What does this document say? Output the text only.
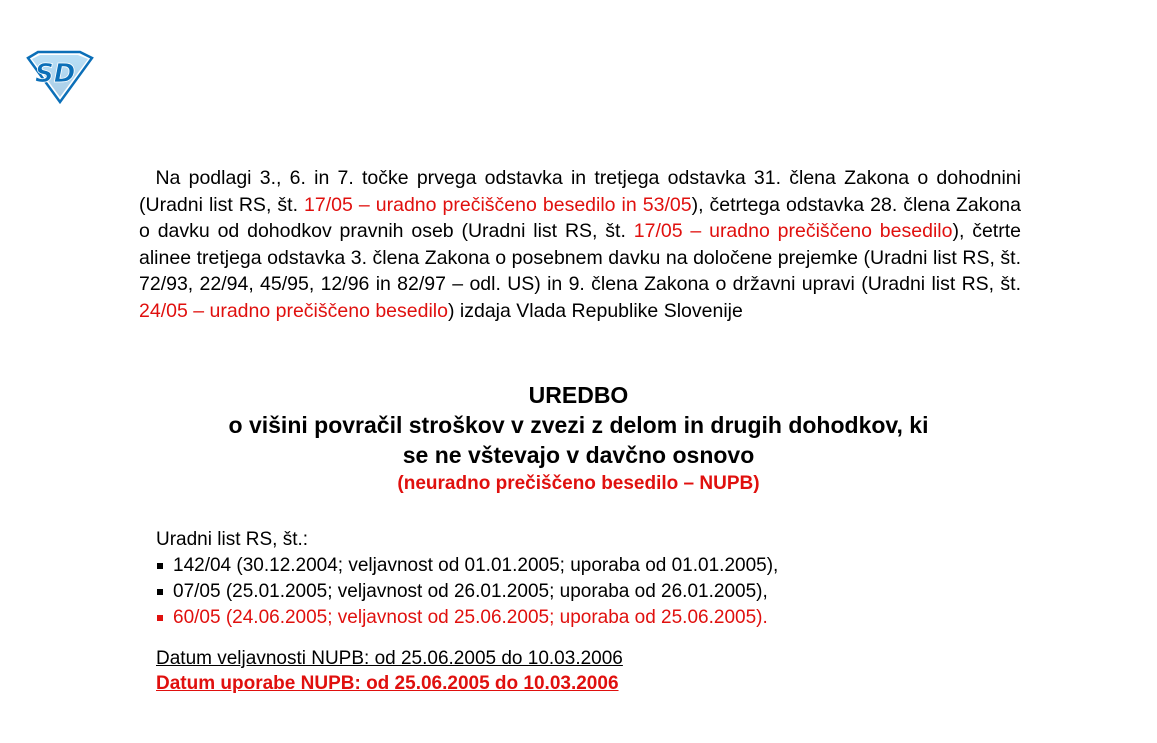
SD
Na podlagi 3., 6. in 7. točke prvega odstavka in tretjega odstavka 31. člena Zakona o dohodnini (Uradni list RS, št. 17/05 – uradno prečiščeno besedilo in 53/05), četrtega odstavka 28. člena Zakona o davku od dohodkov pravnih oseb (Uradni list RS, št. 17/05 – uradno prečiščeno besedilo), četrte alinee tretjega odstavka 3. člena Zakona o posebnem davku na določene prejemke (Uradni list RS, št. 72/93, 22/94, 45/95, 12/96 in 82/97 – odl. US) in 9. člena Zakona o državni upravi (Uradni list RS, št. 24/05 – uradno prečiščeno besedilo) izdaja Vlada Republike Slovenije
UREDBO
o višini povračil stroškov v zvezi z delom in drugih dohodkov, ki
se ne vštevajo v davčno osnovo
(neuradno prečiščeno besedilo – NUPB)
Uradni list RS, št.:
142/04 (30.12.2004; veljavnost od 01.01.2005; uporaba od 01.01.2005),
07/05 (25.01.2005; veljavnost od 26.01.2005; uporaba od 26.01.2005),
60/05 (24.06.2005; veljavnost od 25.06.2005; uporaba od 25.06.2005).
Datum veljavnosti NUPB: od 25.06.2005 do 10.03.2006
Datum uporabe NUPB: od 25.06.2005 do 10.03.2006
